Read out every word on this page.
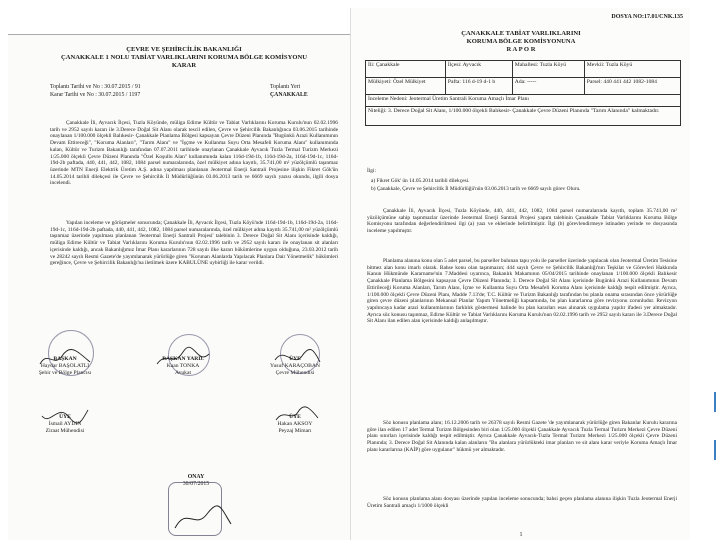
ÇEVRE VE ŞEHİRCİLİK BAKANLIĞI
ÇANAKKALE 1 NOLU TABİAT VARLIKLARINI KORUMA BÖLGE KOMİSYONU
KARAR
Toplantı Tarihi ve No : 30.07.2015 / 91	Toplantı Yeri
Karar Tarihi ve No : 30.07.2015 / 1197	ÇANAKKALE
Çanakkale İli, Ayvacık İlçesi, Tuzla Köyünde, müliga Edirne Kültür ve Tabiat Varlıklarını Koruma Kurulu'nun 02.02.1996 tarih ve 2952 sayılı kararı ile 3.Derece Doğal Sit Alanı olarak tescil edilen, Çevre ve Şehircilik Bakanlığınca 03.06.2015 tarihinde onaylanan 1/100.000 ölçekli Balıkesir- Çanakkale Planlama Bölgesi kapsayan Çevre Düzeni Planında "Bugünkü Arazi Kullanımının Devam Ettireceği", "Koruma Alanları", "Tarım Alanı" ve "İşçme ve Kullanma Suyu Orta Mesafeli Koruma Alanı" kullanımında kalan, Kültür ve Turizm Bakanlığı tarafından 07.07.2011 tarihinde onaylanan Çanakkale Ayvacık Tuzla Termal Turizm Merkezi 1/25.000 ölçekli Çevre Düzeni Planında "Özel Koşullu Alan" kullanımında kalan 116d-19d-1b, 116d-19d-2a, 116d-19d-1c, 116d-19d-2b paftada, 440, 441, 442, 1082, 1084 parsel numaralarında, özel mülkiyet adına kayıtlı, 35.741,00 m² yüzölçümlü taşınmaz üzerinde MTN Enerji Elektrik Üretim A.Ş. adına yapılması planlanan Jeotermal Enerji Santrali Projesine ilişkin Fikret Gök'ün 14.05.2014 tarihli dilekçesi ile Çevre ve Şehircilik İl Müdürlüğünün 03.06.2013 tarih ve 6669 sayılı yazısı okundu, ilgili dosya incelendi.
Yapılan inceleme ve görüşmeler sonucunda; Çanakkale İli, Ayvacık İlçesi, Tuzla Köyü'nde 116d-19d-1b, 116d-19d-2a, 116d-19d-1c, 116d-19d-2b paftada, 440, 441, 442, 1082, 1084 parsel numaralarında, özel mülkiyet adına kayıtlı 35.741,00 m² yüzölçümlü taşınmaz üzerinde yapılması planlanan 'Jeotermal Enerji Santrali Projesi' talebinin 3. Derece Doğal Sit Alanı içerisinde kaldığı, müliga Edirne Kültür ve Tabiat Varlıklarını Koruma Kurulu'nun 02.02.1996 tarih ve 2952 sayılı kararı ile onaylanan sit alanları içerisinde kaldığı, ancak Bakanlığımız İmar Planı kararlarının 728 sayılı ilke kararı hükümlerine uygun olduğuna, 23.03.2012 tarih ve 28242 sayılı Resmi Gazete'de yayımlanarak yürürlüğe giren "Korunan Alanlarda Yapılacak Planlara Dair Yönetmelik" hükümleri gereğince, Çevre ve Şehircilik Bakanlığı'na iletilmek üzere KABULÜNE uybirliği ile karar verildi.
BAŞKAN
Haydar BAŞOLATLI
Şehir ve Bölge Plancısı
BAŞKAN YARD.
Kaan TONKA
Avukat
ÜYE
Yusuf KARAÇOBAN
Çevre Mühendisi
ÜYE
İsmail AYDIN
Ziraat Mühendisi
ÜYE
Hakan AKSOY
Peyzaj Mimarı
ONAY
30/07/2015
DOSYA NO:17.01/CNK.135
ÇANAKKALE TABİAT VARLIKLARINI
KORUMA BÖLGE KOMİSYONUNA
R A P O R
İli: Çanakkale	İlçesi: Ayvacık	Mahallesi: Tuzla Köyü	Mevkii: Tuzla Köyü
Mülkiyeti: Özel Mülkiyet	Pafta: 116 d-19 d-1 b	Ada: -----	Parsel: 440 441 442 1082-1084
İnceleme Nedeni: Jeotermal Üretim Santrali Koruma Amaçlı İmar Planı			
Niteliği: 3. Derece Doğal Sit Alanı, 1/100.000 ölçekli Balıkesir- Çanakkale Çevre Düzeni Planında "Tarım Alanında" kalmaktadır.			
İlgi:
a) Fikret Gök' ün 14.05.2014 tarihli dilekçesi.
b) Çanakkale, Çevre ve Şehircilik İl Müdürlüğü'nün 03.06.2013 tarih ve 6669 sayılı görev Oluru.
Çanakkale İli, Ayvacık İlçesi, Tuzla Köyünde, 440, 441, 442, 1082, 1084 parsel numaralarında kayıtlı, toplam 35.741,00 m² yüzölçümüne sahip taşınmazlar üzerinde Jeotermal Enerji Santrali Projesi yapım talebinin Çanakkale Tabiat Varlıklarını Koruma Bölge Komisyonu tarafından değerlendirilmesi ilgi (a) yazı ve eklerinde belirtilmiştir. İlgi (b) görevlendirmeye istinaden yerinde ve dosyasında inceleme yapılmıştır.
Planlama alanına konu olan 5 adet parsel, bu parseller bulunan tapu yolu ile parseller üzerinde yapılacak olan Jeotermal Üretim Tesisine bitmez alan konu imarlı olarak. Bahse konu olan taşınmazın; 444 sayılı Çevre ve Şehircilik Bakanlığı'nın Teşkilat ve Görevleri Hakkında Kanun Hükmünde Kararname'nin 7.Maddesi uyarınca, Bakanlık Makamının 05/04/2015 tarihinde onaylanan 1/100.000 ölçekli Balıkesir Çanakkale Planlama Bölgesini kapsayan Çevre Düzeni Planında; 3. Derece Doğal Sit Alanı içerisinde Bugünkü Arazi Kullanımının Devam Ettirileceği Koruma Alanları, Tarım Alanı, İçme ve Kullanma Suyu Orta Mesafeli Koruma Alanı içerisinde kaldığı tespit edilmiştir. Ayrıca, 1/100.000 ölçekli Çevre Düzeni Planı, Madde 7.13'de; T.C. Kültür ve Turizm Bakanlığı tarafından bu planla onama sırasından önce yürürlüğe giren çevre düzeni planlarının Mekansal Planlar Yapım Yönetmeliği kapsamında, bu plan kararlarına göre revizyonu zorunludur. Revizyon yapılıncaya kadar arazi kullanımlarının farklılık göstermesi halinde bu plan kararları esas alınarak uygulama yapılır ifadesi yer almaktadır. Ayrıca söz konusu taşınmaz, Edirne Kültür ve Tabiat Varlıklarını Koruma Kurulu'nun 02.02.1996 tarih ve 2952 sayılı kararı ile 3.Derece Doğal Sit Alanı ilan edilen alan içerisinde kaldığı anlaşılmıştır.
Söz konusu planlama alanı; 16.12.2006 tarih ve 26378 sayılı Resmi Gazete 'de yayımlanarak yürürlüğe giren Bakanlar Kurulu kararına göre ilan edilen 17 adet Termal Turizm Bölgesinden biri olan 1/25.000 ölçekli Çanakkale Ayvacık Tuzla Termal Turizm Merkezi Çevre Düzeni planı sınırları içerisinde kaldığı tespit edilmiştir. Ayrıca Çanakkale Ayvacık-Tuzla Termal Turizm Merkezi 1/25.000 ölçekli Çevre Düzeni Planında; 3. Derece Doğal Sit Alanında kalan alanların "Bu alanlara yürürlükteki imar planları ve sit alanı karar veriyle Koruma Amaçlı İmar planı kararlarına (KAİP) göre uygulanır" hükmü yer almaktadır.
Söz konusu planlama alanı dosyası üzerinde yapılan inceleme sonucunda; bahsi geçen planlama alanına ilişkin Tuzla Jeotermal Enerji Üretim Santrali amaçlı 1/1000 ölçekli
1
